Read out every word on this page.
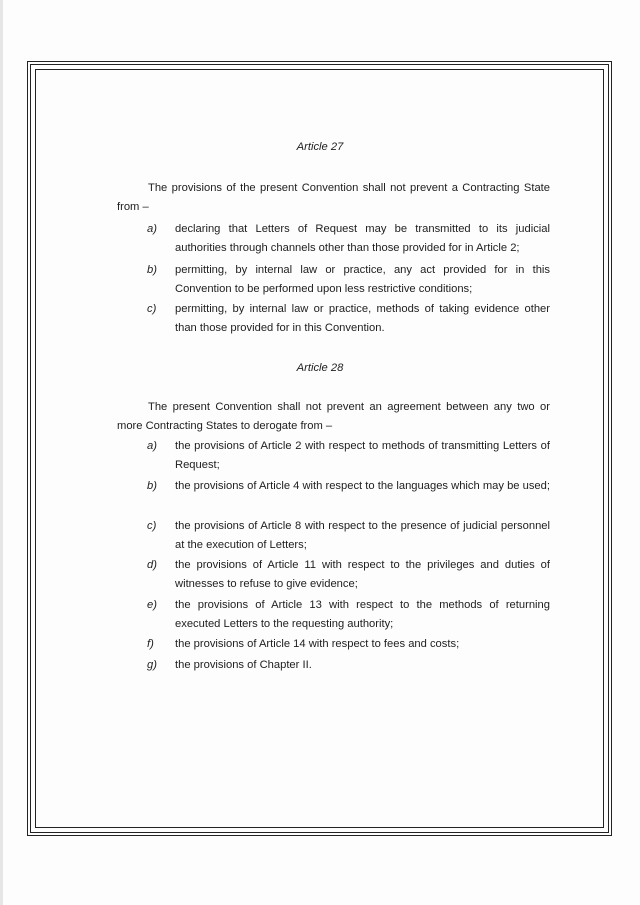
Article 27

The provisions of the present Convention shall not prevent a Contracting State from –

a)	declaring that Letters of Request may be transmitted to its judicial authorities through channels other than those provided for in Article 2;

b)	permitting, by internal law or practice, any act provided for in this Convention to be performed upon less restrictive conditions;

c)	permitting, by internal law or practice, methods of taking evidence other than those provided for in this Convention.

Article 28

The present Convention shall not prevent an agreement between any two or more Contracting States to derogate from –

a)	the provisions of Article 2 with respect to methods of transmitting Letters of Request;

b)	the provisions of Article 4 with respect to the languages which may be used;

c)	the provisions of Article 8 with respect to the presence of judicial personnel at the execution of Letters;

d)	the provisions of Article 11 with respect to the privileges and duties of witnesses to refuse to give evidence;

e)	the provisions of Article 13 with respect to the methods of returning executed Letters to the requesting authority;

f)	the provisions of Article 14 with respect to fees and costs;

g)	the provisions of Chapter II.
